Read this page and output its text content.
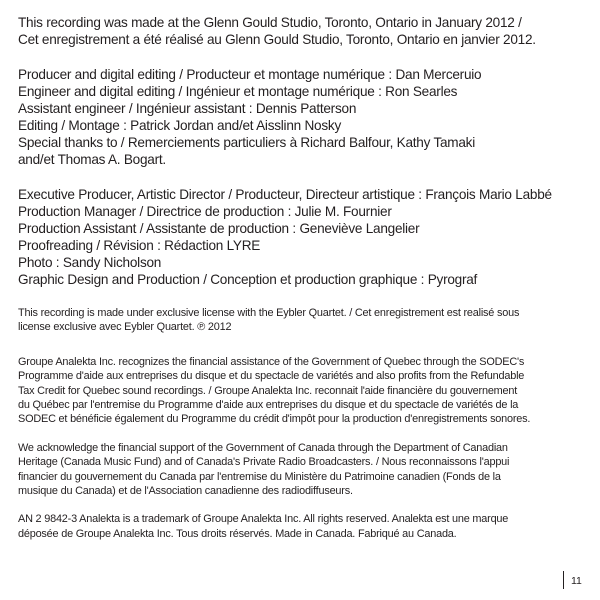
This recording was made at the Glenn Gould Studio, Toronto, Ontario in January 2012 /
Cet enregistrement a été réalisé au Glenn Gould Studio, Toronto, Ontario en janvier 2012.
Producer and digital editing / Producteur et montage numérique : Dan Merceruio
Engineer and digital editing / Ingénieur et montage numérique : Ron Searles
Assistant engineer / Ingénieur assistant : Dennis Patterson
Editing / Montage : Patrick Jordan and/et Aisslinn Nosky
Special thanks to / Remerciements particuliers à Richard Balfour, Kathy Tamaki
and/et Thomas A. Bogart.
Executive Producer, Artistic Director / Producteur, Directeur artistique : François Mario Labbé
Production Manager / Directrice de production : Julie M. Fournier
Production Assistant / Assistante de production : Geneviève Langelier
Proofreading / Révision : Rédaction LYRE
Photo : Sandy Nicholson
Graphic Design and Production / Conception et production graphique : Pyrograf
This recording is made under exclusive license with the Eybler Quartet. / Cet enregistrement est realisé sous
license exclusive avec Eybler Quartet. ℗ 2012
Groupe Analekta Inc. recognizes the financial assistance of the Government of Quebec through the SODEC's
Programme d'aide aux entreprises du disque et du spectacle de variétés and also profits from the Refundable
Tax Credit for Quebec sound recordings. / Groupe Analekta Inc. reconnait l'aide financière du gouvernement
du Québec par l'entremise du Programme d'aide aux entreprises du disque et du spectacle de variétés de la
SODEC et bénéficie également du Programme du crédit d'impôt pour la production d'enregistrements sonores.
We acknowledge the financial support of the Government of Canada through the Department of Canadian
Heritage (Canada Music Fund) and of Canada's Private Radio Broadcasters. / Nous reconnaissons l'appui
financier du gouvernement du Canada par l'entremise du Ministère du Patrimoine canadien (Fonds de la
musique du Canada) et de l'Association canadienne des radiodiffuseurs.
AN 2 9842-3 Analekta is a trademark of Groupe Analekta Inc. All rights reserved. Analekta est une marque
déposée de Groupe Analekta Inc. Tous droits réservés. Made in Canada. Fabriqué au Canada.
11
